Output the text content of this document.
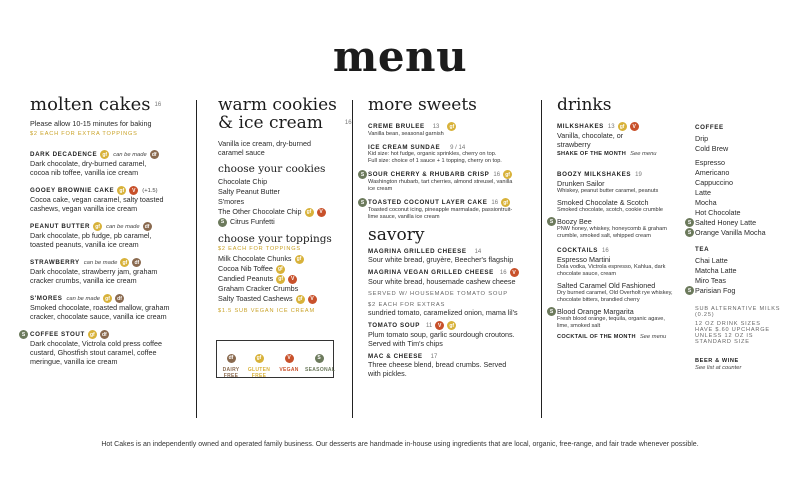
menu
molten cakes $^{16}$
Please allow 10-15 minutes for baking
$2 EACH FOR EXTRA TOPPINGS
DARK DECADENCE	gf	can be made	df
Dark chocolate, dry-burned caramel,
cocoa nib toffee, vanilla ice cream
GOOEY BROWNIE CAKE	gf	V	(+1.5)
Cocoa cake, vegan caramel, salty toasted
cashews, vegan vanilla ice cream
PEANUT BUTTER	gf	can be made	df
Dark chocolate, pb fudge, pb caramel,
toasted peanuts, vanilla ice cream
STRAWBERRY can be made	gf	df
Dark chocolate, strawberry jam, graham
cracker crumbs, vanilla ice cream
S'MORES can be made	gf	df
Smoked chocolate, roasted mallow, graham
cracker, chocolate sauce, vanilla ice cream
S COFFEE STOUT	gf	df
Dark chocolate, Victrola cold press coffee
custard, Ghostfish stout caramel, coffee
meringue, vanilla ice cream
warm cookies
& ice cream	$^{16}$
Vanilla ice cream, dry-burned
caramel sauce
choose your cookies
Chocolate Chip
Salty Peanut Butter
S'mores
The Other Chocolate Chip	gf	V
S Citrus Funfetti
choose your toppings
$2 EACH FOR TOPPINGS
Milk Chocolate Chunks	gf
Cocoa Nib Toffee	gf
Candied Peanuts	gf	V
Graham Cracker Crumbs
Salty Toasted Cashews	gf	V
$1.5 SUB VEGAN ICE CREAM
df
DAIRY FREE
gf
GLUTEN FREE
V
VEGAN
S
SEASONAL
more sweets
CREME BRULEE 13	gf
Vanilla bean, seasonal garnish
ICE CREAM SUNDAE 9 / 14
Kid size: hot fudge, organic sprinkles, cherry on top.
Full size: choice of 1 sauce + 1 topping, cherry on top.
S SOUR CHERRY & RHUBARB CRISP 16	gf
Washington rhubarb, tart cherries, almond streusel, vanilla
ice cream
S TOASTED COCONUT LAYER CAKE 16	gf
Toasted coconut icing, pineapple marmalade, passiontruit-
lime sauce, vanilla ice cream
savory
MAGRINA GRILLED CHEESE 14
Sour white bread, gruyère, Beecher's flagship
MAGRINA VEGAN GRILLED CHEESE 16	V
Sour white bread, housemade cashew cheese
SERVED W/ HOUSEMADE TOMATO SOUP
$2 EACH FOR EXTRAS
sundried tomato, caramelized onion, mama lil's
TOMATO SOUP 11	V	gf
Plum tomato soup, garlic sourdough croutons.
Served with Tim's chips
MAC & CHEESE 17
Three cheese blend, bread crumbs. Served
with pickles.
drinks
MILKSHAKES 13	gf	V
Vanilla, chocolate, or
strawberry
SHAKE OF THE MONTH See menu
BOOZY MILKSHAKES 19
Drunken Sailor
Whiskey, peanut butter caramel, peanuts
Smoked Chocolate & Scotch
Smoked chocolate, scotch, cookie crumble
S Boozy Bee
PNW honey, whiskey, honeycomb & graham
crumble, smoked salt, whipped cream
COCKTAILS 16
Espresso Martini
Dola vodka, Victrola espresso, Kahlua, dark
chocolate sauce, cream
Salted Caramel Old Fashioned
Dry burned caramel, Old Overholt rye whiskey,
chocolate bitters, brandied cherry
S Blood Orange Margarita
Fresh blood orange, tequila, organic agave,
lime, smoked salt
COCKTAIL OF THE MONTH See menu
COFFEE
Drip
Cold Brew
Espresso
Americano
Cappuccino
Latte
Mocha
Hot Chocolate
S Salted Honey Latte
S Orange Vanilla Mocha
TEA
Chai Latte
Matcha Latte
Miro Teas
S Parisian Fog
SUB ALTERNATIVE MILKS
(0.25)
12 OZ DRINK SIZES
HAVE $.60 UPCHARGE
UNLESS 12 OZ IS
STANDARD SIZE
BEER & WINE
See list at counter
Hot Cakes is an independently owned and operated family business. Our desserts are handmade in-house using ingredients that are local, organic, free-range, and fair trade whenever possible.
